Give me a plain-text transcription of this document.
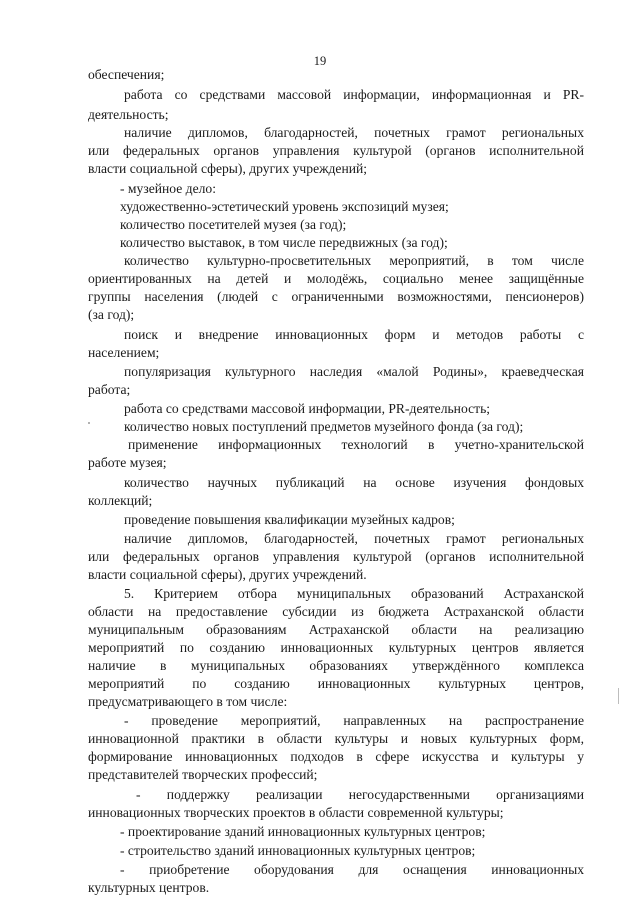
19
обеспечения;
работа со средствами массовой информации, информационная и PR-
деятельность;
наличие дипломов, благодарностей, почетных грамот региональных
или федеральных органов управления культурой (органов исполнительной
власти социальной сферы), других учреждений;
- музейное дело:
художественно-эстетический уровень экспозиций музея;
количество посетителей музея (за год);
количество выставок, в том числе передвижных (за год);
количество культурно-просветительных мероприятий, в том числе
ориентированных на детей и молодёжь, социально менее защищённые
группы населения (людей с ограниченными возможностями, пенсионеров)
(за год);
поиск и внедрение инновационных форм и методов работы с
населением;
популяризация культурного наследия «малой Родины», краеведческая
работа;
работа со средствами массовой информации, PR-деятельность;
количество новых поступлений предметов музейного фонда (за год);
применение информационных технологий в учетно-хранительской
работе музея;
количество научных публикаций на основе изучения фондовых
коллекций;
проведение повышения квалификации музейных кадров;
наличие дипломов, благодарностей, почетных грамот региональных
или федеральных органов управления культурой (органов исполнительной
власти социальной сферы), других учреждений.
5. Критерием отбора муниципальных образований Астраханской
области на предоставление субсидии из бюджета Астраханской области
муниципальным образованиям Астраханской области на реализацию
мероприятий по созданию инновационных культурных центров является
наличие в муниципальных образованиях утверждённого комплекса
мероприятий по созданию инновационных культурных центров,
предусматривающего в том числе:
- проведение мероприятий, направленных на распространение
инновационной практики в области культуры и новых культурных форм,
формирование инновационных подходов в сфере искусства и культуры у
представителей творческих профессий;
- поддержку реализации негосударственными организациями
инновационных творческих проектов в области современной культуры;
- проектирование зданий инновационных культурных центров;
- строительство зданий инновационных культурных центров;
- приобретение оборудования для оснащения инновационных
культурных центров.
